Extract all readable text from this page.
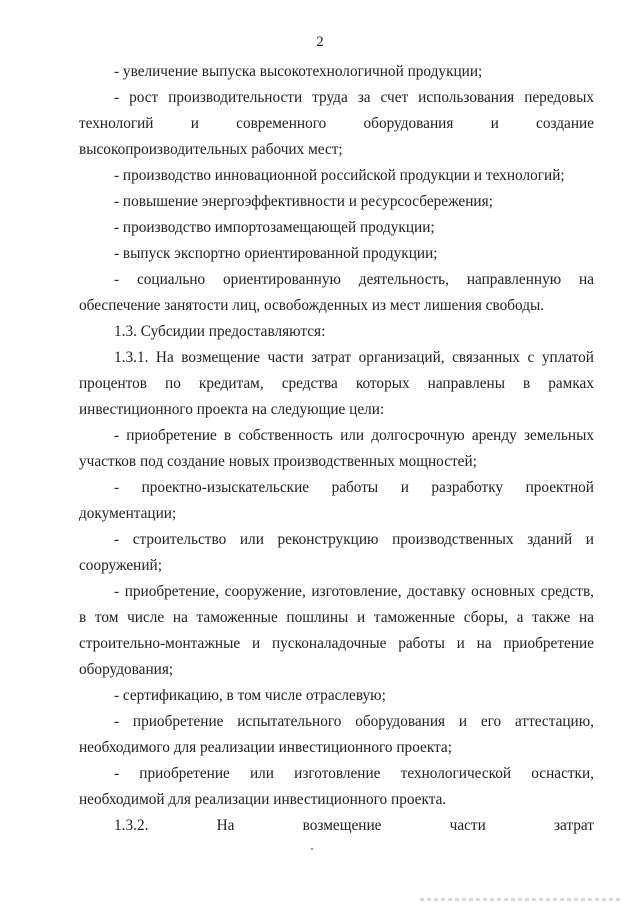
2

- увеличение выпуска высокотехнологичной продукции;

- рост производительности труда за счет использования передовых технологий и современного оборудования и создание высокопроизводительных рабочих мест;

- производство инновационной российской продукции и технологий;

- повышение энергоэффективности и ресурсосбережения;

- производство импортозамещающей продукции;

- выпуск экспортно ориентированной продукции;

- социально ориентированную деятельность, направленную на обеспечение занятости лиц, освобожденных из мест лишения свободы.

1.3. Субсидии предоставляются:

1.3.1. На возмещение части затрат организаций, связанных с уплатой процентов по кредитам, средства которых направлены в рамках инвестиционного проекта на следующие цели:

- приобретение в собственность или долгосрочную аренду земельных участков под создание новых производственных мощностей;

- проектно-изыскательские работы и разработку проектной документации;

- строительство или реконструкцию производственных зданий и сооружений;

- приобретение, сооружение, изготовление, доставку основных средств, в том числе на таможенные пошлины и таможенные сборы, а также на строительно-монтажные и пусконаладочные работы и на приобретение оборудования;

- сертификацию, в том числе отраслевую;

- приобретение испытательного оборудования и его аттестацию, необходимого для реализации инвестиционного проекта;

- приобретение или изготовление технологической оснастки, необходимой для реализации инвестиционного проекта.

1.3.2. На возмещение части затрат
